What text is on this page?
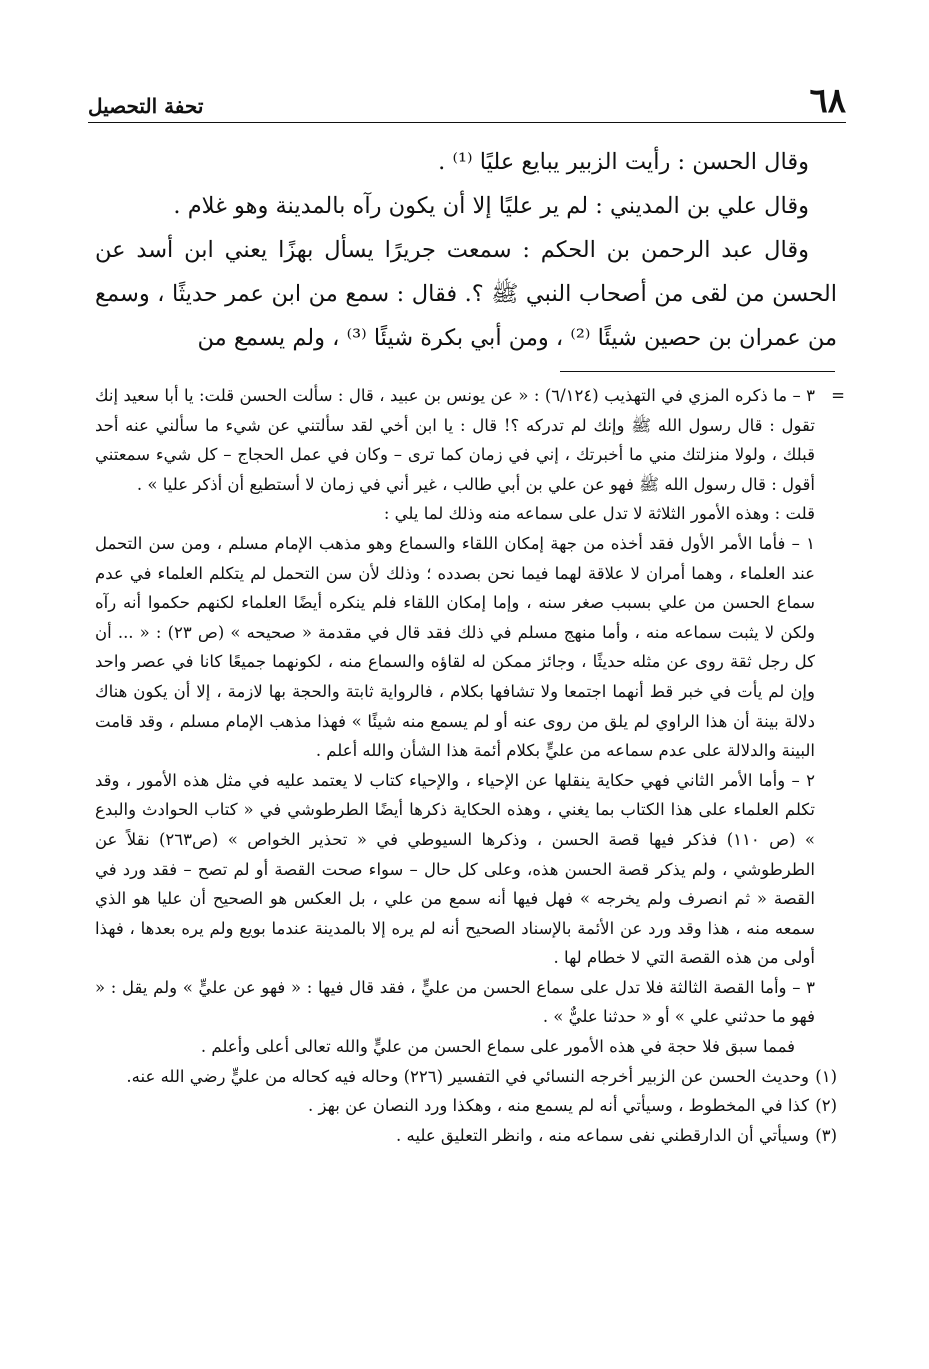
٦٨
تحفة التحصيل

وقال الحسن : رأيت الزبير يبايع عليًا ⁽¹⁾ .

وقال علي بن المديني : لم ير عليًا إلا أن يكون رآه بالمدينة وهو غلام .

وقال عبد الرحمن بن الحكم : سمعت جريرًا يسأل بهزًا يعني ابن أسد عن الحسن من لقى من أصحاب النبي ﷺ ؟. فقال : سمع من ابن عمر حديثًا ، وسمع من عمران بن حصين شيئًا ⁽²⁾ ، ومن أبي بكرة شيئًا ⁽³⁾ ، ولم يسمع من

=

٣ – ما ذكره المزي في التهذيب (٦/١٢٤) : « عن يونس بن عبيد ، قال : سألت الحسن قلت: يا أبا سعيد إنك تقول : قال رسول الله ﷺ وإنك لم تدركه ؟! قال : يا ابن أخي لقد سألتني عن شيء ما سألني عنه أحد قبلك ، ولولا منزلتك مني ما أخبرتك ، إني في زمان كما ترى – وكان في عمل الحجاج – كل شيء سمعتني أقول : قال رسول الله ﷺ فهو عن علي بن أبي طالب ، غير أني في زمان لا أستطيع أن أذكر عليا » .

قلت : وهذه الأمور الثلاثة لا تدل على سماعه منه وذلك لما يلي :

١ – فأما الأمر الأول فقد أخذه من جهة إمكان اللقاء والسماع وهو مذهب الإمام مسلم ، ومن سن التحمل عند العلماء ، وهما أمران لا علاقة لهما فيما نحن بصدده ؛ وذلك لأن سن التحمل لم يتكلم العلماء في عدم سماع الحسن من علي بسبب صغر سنه ، وإما إمكان اللقاء فلم ينكره أيضًا العلماء لكنهم حكموا أنه رآه ولكن لا يثبت سماعه منه ، وأما منهج مسلم في ذلك فقد قال في مقدمة « صحيحه » (ص ٢٣) : « ... أن كل رجل ثقة روى عن مثله حديثًا ، وجائز ممكن له لقاؤه والسماع منه ، لكونهما جميعًا كانا في عصر واحد وإن لم يأت في خبر قط أنهما اجتمعا ولا تشافها بكلام ، فالرواية ثابتة والحجة بها لازمة ، إلا أن يكون هناك دلالة بينة أن هذا الراوي لم يلق من روى عنه أو لم يسمع منه شيئًا » فهذا مذهب الإمام مسلم ، وقد قامت البينة والدلالة على عدم سماعه من عليٍّ بكلام أئمة هذا الشأن والله أعلم .

٢ – وأما الأمر الثاني فهي حكاية ينقلها عن الإحياء ، والإحياء كتاب لا يعتمد عليه في مثل هذه الأمور ، وقد تكلم العلماء على هذا الكتاب بما يغني ، وهذه الحكاية ذكرها أيضًا الطرطوشي في « كتاب الحوادث والبدع » (ص ١١٠) فذكر فيها قصة الحسن ، وذكرها السيوطي في « تحذير الخواص » (ص٢٦٣) نقلاً عن الطرطوشي ، ولم يذكر قصة الحسن هذه، وعلى كل حال – سواء صحت القصة أو لم تصح – فقد ورد في القصة « ثم انصرف ولم يخرجه » فهل فيها أنه سمع من علي ، بل العكس هو الصحيح أن عليا هو الذي سمعه منه ، هذا وقد ورد عن الأئمة بالإسناد الصحيح أنه لم يره إلا بالمدينة عندما بويع ولم يره بعدها ، فهذا أولى من هذه القصة التي لا خطام لها .

٣ – وأما القصة الثالثة فلا تدل على سماع الحسن من عليٍّ ، فقد قال فيها : « فهو عن عليٍّ » ولم يقل : « فهو ما حدثني علي » أو « حدثنا عليٌّ » .

فمما سبق فلا حجة في هذه الأمور على سماع الحسن من عليٍّ والله تعالى أعلى وأعلم .

(١)وحديث الحسن عن الزبير أخرجه النسائي في التفسير (٢٢٦) وحاله فيه كحاله من عليٍّ رضي الله عنه.

(٢)كذا في المخطوط ، وسيأتي أنه لم يسمع منه ، وهكذا ورد النصان عن بهز .

(٣)وسيأتي أن الدارقطني نفى سماعه منه ، وانظر التعليق عليه .
